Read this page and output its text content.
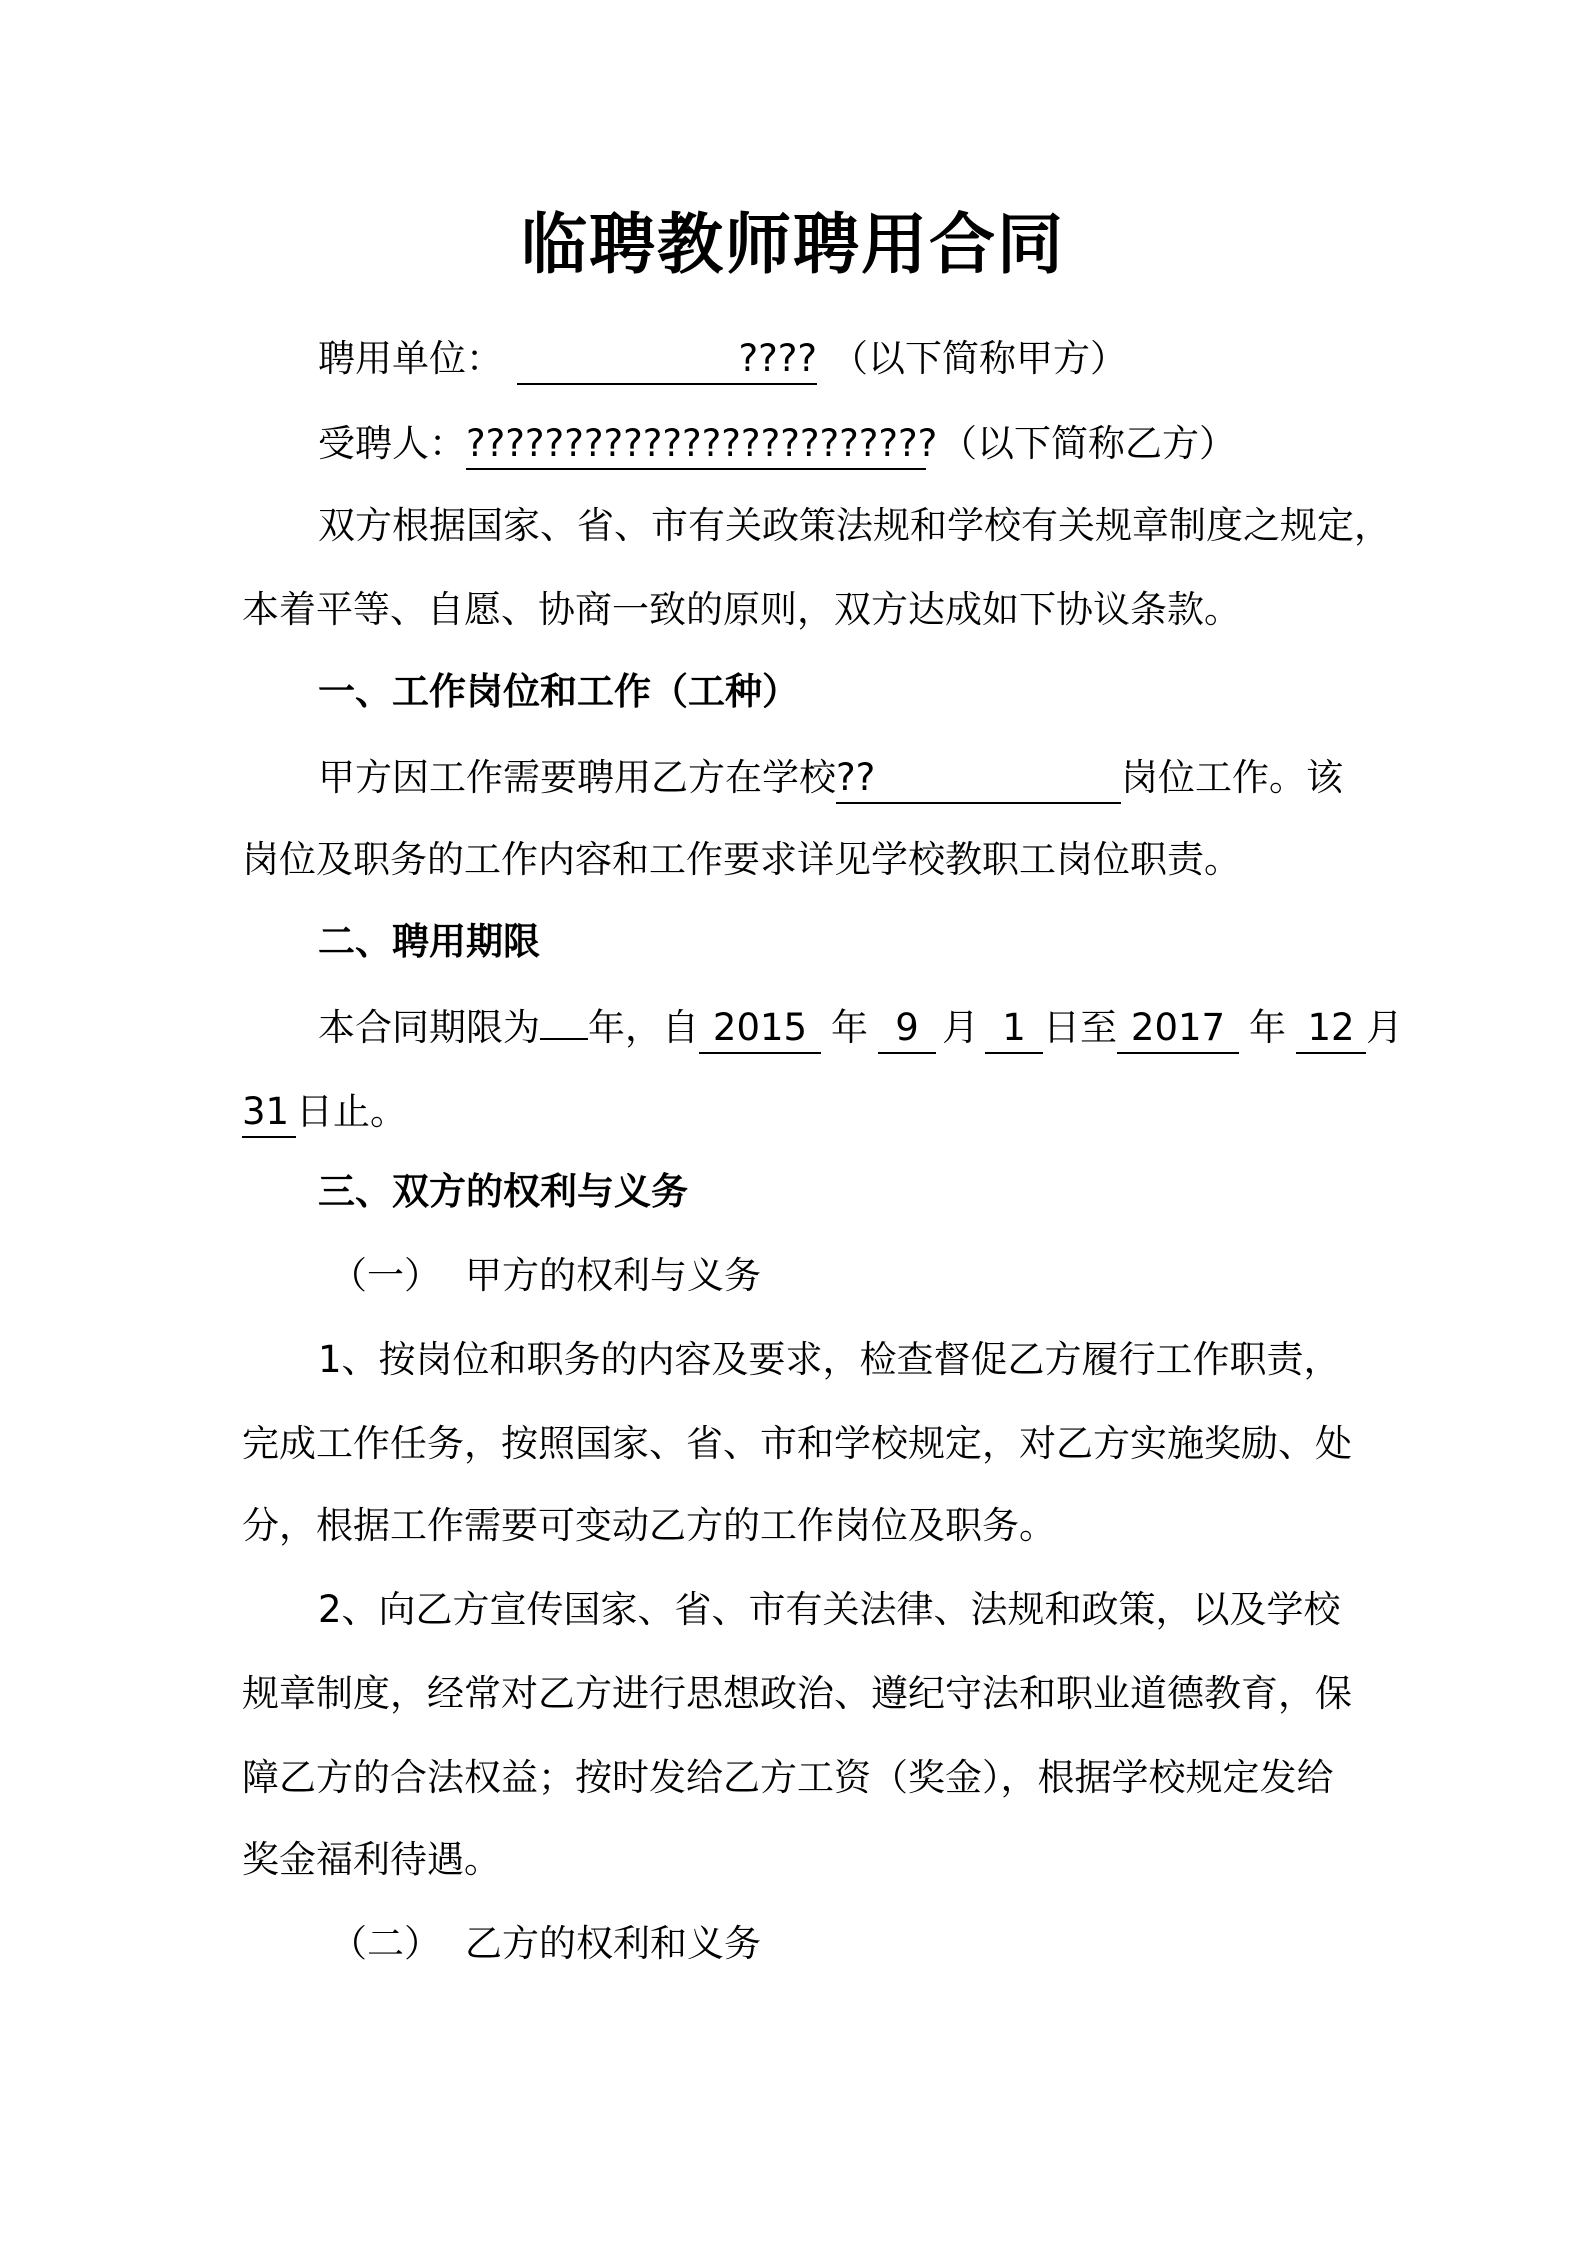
临聘教师聘用合同
聘用单位：	???? （以下简称甲方）
受聘人：????????????????????????（以下简称乙方）
双方根据国家、省、市有关政策法规和学校有关规章制度之规定，
本着平等、自愿、协商一致的原则，双方达成如下协议条款。
一、工作岗位和工作（工种）
甲方因工作需要聘用乙方在学校??	岗位工作。该
岗位及职务的工作内容和工作要求详见学校教职工岗位职责。
二、聘用期限
本合同期限为 年，自 2015 年 9 月 1 日至 2017 年 12 月
31 日止。
三、双方的权利与义务
（一） 甲方的权利与义务
1、按岗位和职务的内容及要求，检查督促乙方履行工作职责，
完成工作任务，按照国家、省、市和学校规定，对乙方实施奖励、处
分，根据工作需要可变动乙方的工作岗位及职务。
2、向乙方宣传国家、省、市有关法律、法规和政策，以及学校
规章制度，经常对乙方进行思想政治、遵纪守法和职业道德教育，保
障乙方的合法权益；按时发给乙方工资（奖金），根据学校规定发给
奖金福利待遇。
（二） 乙方的权利和义务
